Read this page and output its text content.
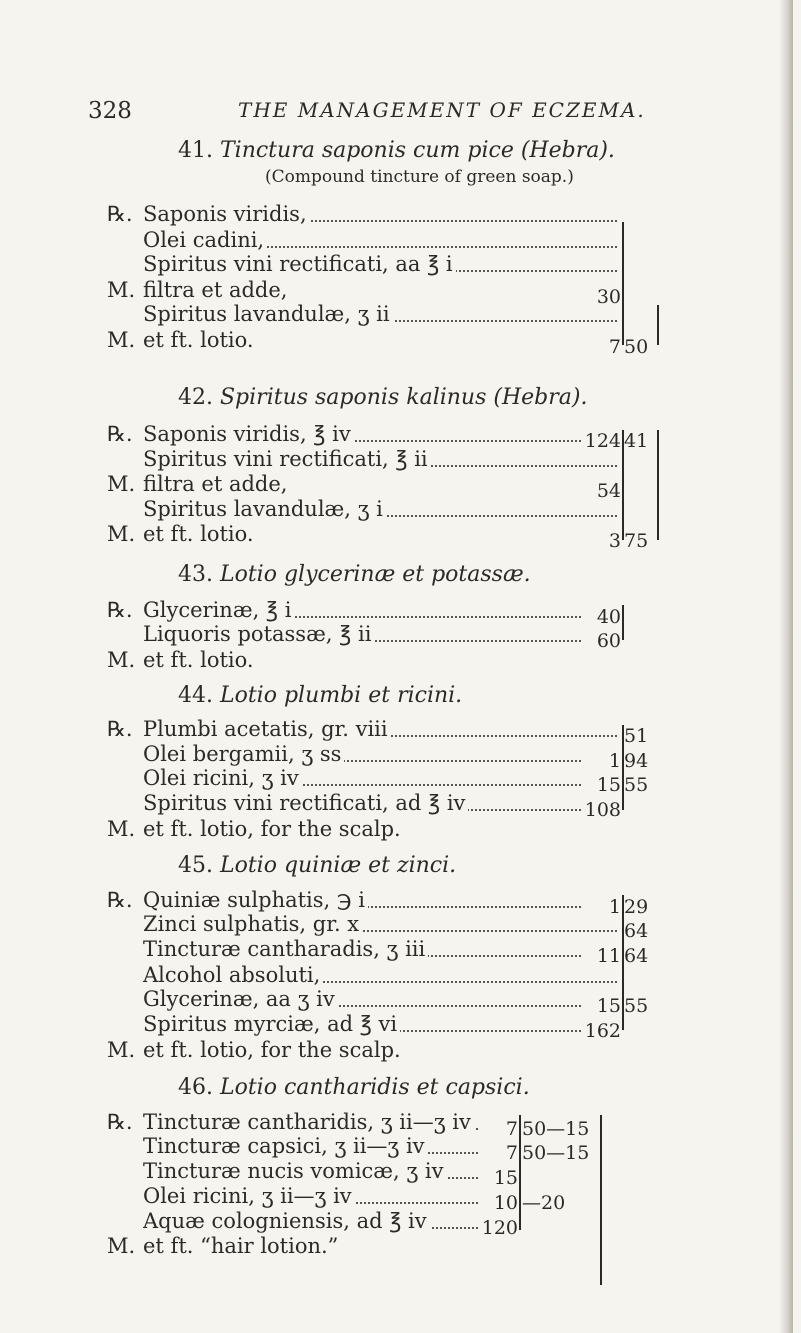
328	THE MANAGEMENT OF ECZEMA.
41. Tinctura saponis cum pice (Hebra).
(Compound tincture of green soap.)
℞. Saponis viridis,
Olei cadini,
Spiritus vini rectificati, aa ℥ i
M. filtra et adde,	30
Spiritus lavandulæ, ʒ ii
M. et ft. lotio.	7 50
42. Spiritus saponis kalinus (Hebra).
℞. Saponis viridis, ℥ iv	124 41
Spiritus vini rectificati, ℥ ii
M. filtra et adde,	54
Spiritus lavandulæ, ʒ i
M. et ft. lotio.	3 75
43. Lotio glycerinæ et potassæ.
℞. Glycerinæ, ℥ i	40
Liquoris potassæ, ℥ ii	60
M. et ft. lotio.
44. Lotio plumbi et ricini.
℞. Plumbi acetatis, gr. viii	51
Olei bergamii, ʒ ss	1 94
Olei ricini, ʒ iv	15 55
Spiritus vini rectificati, ad ℥ iv	108
M. et ft. lotio, for the scalp.
45. Lotio quiniæ et zinci.
℞. Quiniæ sulphatis, ℈ i	1 29
Zinci sulphatis, gr. x	64
Tincturæ cantharadis, ʒ iii	11 64
Alcohol absoluti,
Glycerinæ, aa ʒ iv	15 55
Spiritus myrciæ, ad ℥ vi	162
M. et ft. lotio, for the scalp.
46. Lotio cantharidis et capsici.
℞. Tincturæ cantharidis, ʒ ii—ʒ iv	7 50—15
Tincturæ capsici, ʒ ii—ʒ iv	7 50—15
Tincturæ nucis vomicæ, ʒ iv	15
Olei ricini, ʒ ii—ʒ iv	10 —20
Aquæ cologniensis, ad ℥ iv	120
M. et ft. “hair lotion.”
